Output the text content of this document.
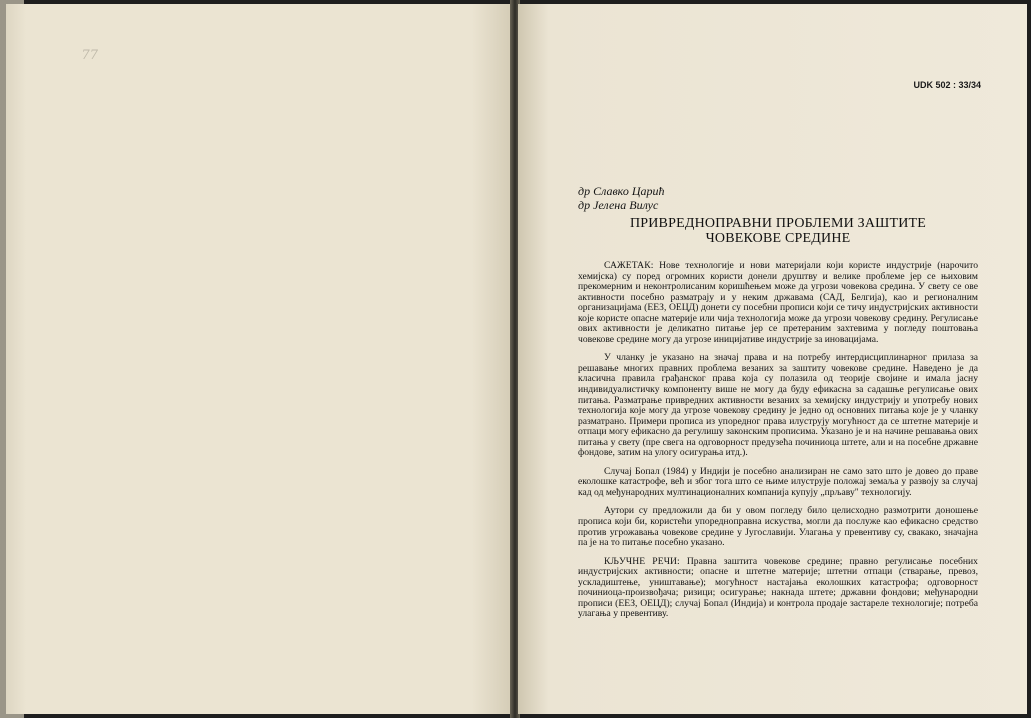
77
UDK 502 : 33/34
др Славко Царић
др Јелена Вилус
ПРИВРЕДНОПРАВНИ ПРОБЛЕМИ ЗАШТИТЕ
ЧОВЕКОВЕ СРЕДИНЕ

САЖЕТАК: Нове технологије и нови материјали који користе индустрије (нарочито хемијска) су поред огромних користи донели друштву и велике проблеме јер се њиховим прекомерним и неконтролисаним коришћењем може да угрози човекова средина. У свету се ове активности посебно разматрају и у неким државама (САД, Белгија), као и регионалним организацијама (ЕЕЗ, ОЕЦД) донети су посебни прописи који се тичу индустријских активности које користе опасне материје или чија технологија може да угрози човекову средину. Регулисање ових активности је деликатно питање јер се претераним захтевима у погледу поштовања човекове средине могу да угрозе иницијативе индустрије за иновацијама.

У чланку је указано на значај права и на потребу интердисциплинарног прилаза за решавање многих правних проблема везаних за заштиту човекове средине. Наведено је да класична правила грађанског права која су полазила од теорије својине и имала јасну индивидуалистичку компоненту више не могу да буду ефикасна за садашње регулисање ових питања. Разматрање привредних активности везаних за хемијску индустрију и употребу нових технологија које могу да угрозе човекову средину је једно од основних питања које је у чланку разматрано. Примери прописа из упоредног права илуструју могућност да се штетне материје и отпаци могу ефикасно да регулишу законским прописима. Указано је и на начине решавања ових питања у свету (пре свега на одговорност предузећа починиоца штете, али и на посебне државне фондове, затим на улогу осигурања итд.).

Случај Бопал (1984) у Индији је посебно анализиран не само зато што је довео до праве еколошке катастрофе, већ и због тога што се њиме илуструје положај земаља у развоју за случај кад од међународних мултинационалних компанија купују „прљаву" технологију.

Аутори су предложили да би у овом погледу било целисходно размотрити доношење прописа који би, користећи упоредноправна искуства, могли да послуже као ефикасно средство против угрожавања човекове средине у Југославији. Улагања у превентиву су, свакако, значајна па је на то питање посебно указано.

КЉУЧНЕ РЕЧИ: Правна заштита човекове средине; правно регулисање посебних индустријских активности; опасне и штетне материје; штетни отпаци (стварање, превоз, ускладиштење, уништавање); могућност настајања еколошких катастрофа; одговорност починиоца-произвођача; ризици; осигурање; накнада штете; државни фондови; међународни прописи (ЕЕЗ, ОЕЦД); случај Бопал (Индија) и контрола продаје застареле технологије; потреба улагања у превентиву.
